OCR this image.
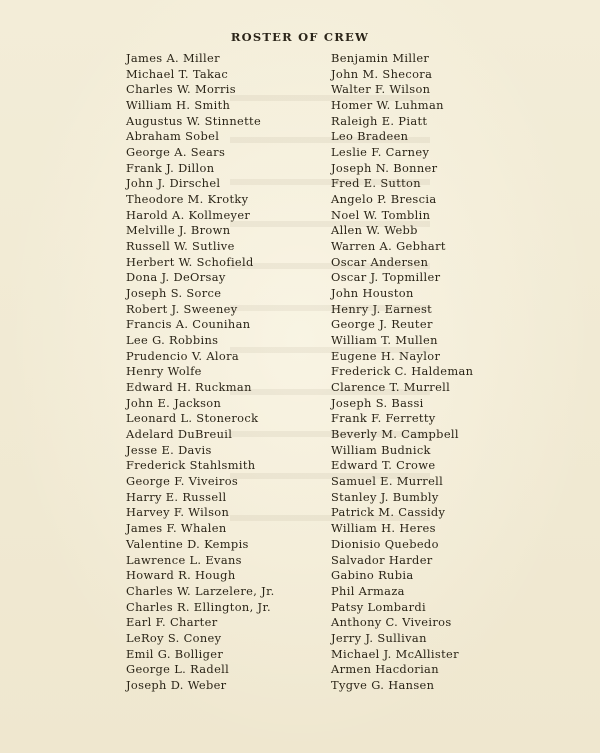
ROSTER OF CREW
James A. Miller
Michael T. Takac
Charles W. Morris
William H. Smith
Augustus W. Stinnette
Abraham Sobel
George A. Sears
Frank J. Dillon
John J. Dirschel
Theodore M. Krotky
Harold A. Kollmeyer
Melville J. Brown
Russell W. Sutlive
Herbert W. Schofield
Dona J. DeOrsay
Joseph S. Sorce
Robert J. Sweeney
Francis A. Counihan
Lee G. Robbins
Prudencio V. Alora
Henry Wolfe
Edward H. Ruckman
John E. Jackson
Leonard L. Stonerock
Adelard DuBreuil
Jesse E. Davis
Frederick Stahlsmith
George F. Viveiros
Harry E. Russell
Harvey F. Wilson
James F. Whalen
Valentine D. Kempis
Lawrence L. Evans
Howard R. Hough
Charles W. Larzelere, Jr.
Charles R. Ellington, Jr.
Earl F. Charter
LeRoy S. Coney
Emil G. Bolliger
George L. Radell
Joseph D. Weber
Benjamin Miller
John M. Shecora
Walter F. Wilson
Homer W. Luhman
Raleigh E. Piatt
Leo Bradeen
Leslie F. Carney
Joseph N. Bonner
Fred E. Sutton
Angelo P. Brescia
Noel W. Tomblin
Allen W. Webb
Warren A. Gebhart
Oscar Andersen
Oscar J. Topmiller
John Houston
Henry J. Earnest
George J. Reuter
William T. Mullen
Eugene H. Naylor
Frederick C. Haldeman
Clarence T. Murrell
Joseph S. Bassi
Frank F. Ferretty
Beverly M. Campbell
William Budnick
Edward T. Crowe
Samuel E. Murrell
Stanley J. Bumbly
Patrick M. Cassidy
William H. Heres
Dionisio Quebedo
Salvador Harder
Gabino Rubia
Phil Armaza
Patsy Lombardi
Anthony C. Viveiros
Jerry J. Sullivan
Michael J. McAllister
Armen Hacdorian
Tygve G. Hansen
